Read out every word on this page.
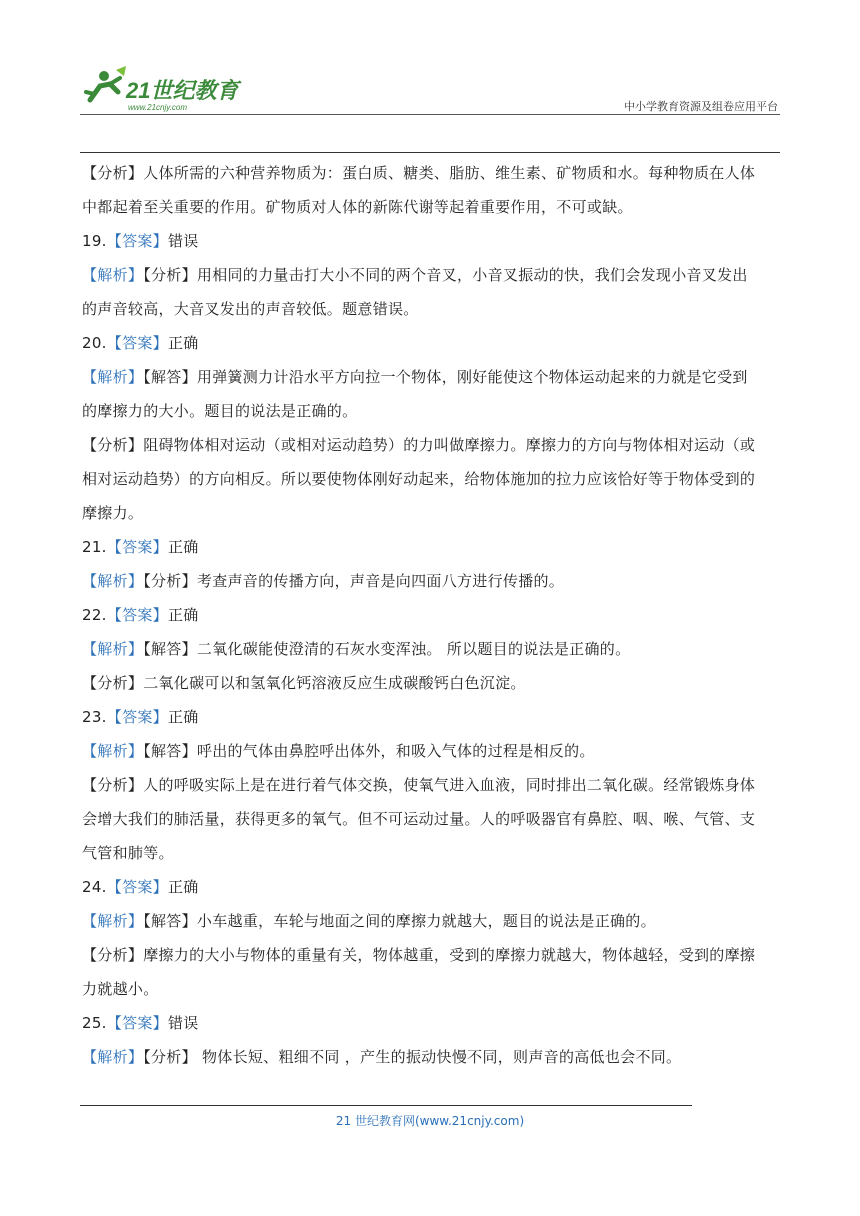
21世纪教育
www.21cnjy.com	中小学教育资源及组卷应用平台
【分析】人体所需的六种营养物质为：蛋白质、糖类、脂肪、维生素、矿物质和水。每种物质在人体
中都起着至关重要的作用。矿物质对人体的新陈代谢等起着重要作用，不可或缺。
19.【答案】错误
【解析】【分析】用相同的力量击打大小不同的两个音叉，小音叉振动的快，我们会发现小音叉发出
的声音较高，大音叉发出的声音较低。题意错误。
20.【答案】正确
【解析】【解答】用弹簧测力计沿水平方向拉一个物体，刚好能使这个物体运动起来的力就是它受到
的摩擦力的大小。题目的说法是正确的。
【分析】阻碍物体相对运动（或相对运动趋势）的力叫做摩擦力。摩擦力的方向与物体相对运动（或
相对运动趋势）的方向相反。所以要使物体刚好动起来，给物体施加的拉力应该恰好等于物体受到的
摩擦力。
21.【答案】正确
【解析】【分析】考查声音的传播方向，声音是向四面八方进行传播的。
22.【答案】正确
【解析】【解答】二氧化碳能使澄清的石灰水变浑浊。 所以题目的说法是正确的。
【分析】二氧化碳可以和氢氧化钙溶液反应生成碳酸钙白色沉淀。
23.【答案】正确
【解析】【解答】呼出的气体由鼻腔呼出体外，和吸入气体的过程是相反的。
【分析】人的呼吸实际上是在进行着气体交换，使氧气进入血液，同时排出二氧化碳。经常锻炼身体
会增大我们的肺活量，获得更多的氧气。但不可运动过量。人的呼吸器官有鼻腔、咽、喉、气管、支
气管和肺等。
24.【答案】正确
【解析】【解答】小车越重，车轮与地面之间的摩擦力就越大，题目的说法是正确的。
【分析】摩擦力的大小与物体的重量有关，物体越重，受到的摩擦力就越大，物体越轻，受到的摩擦
力就越小。
25.【答案】错误
【解析】【分析】 物体长短、粗细不同 ，产生的振动快慢不同，则声音的高低也会不同。
21 世纪教育网(www.21cnjy.com)
